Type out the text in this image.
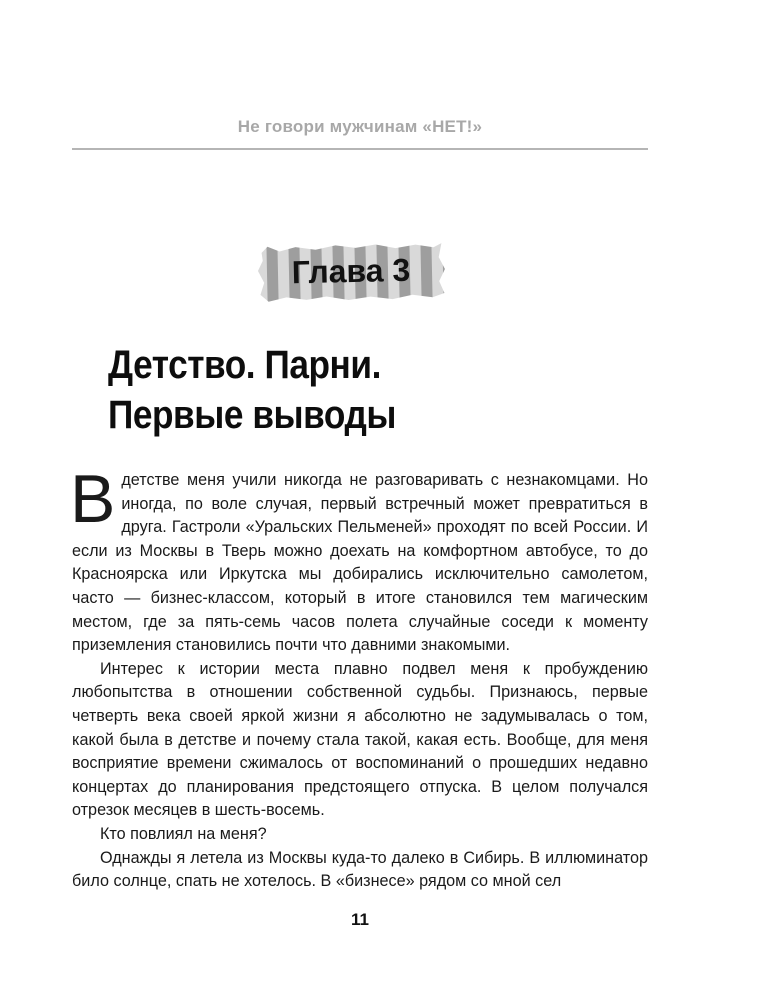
Не говори мужчинам «НЕТ!»
Глава 3
Детство. Парни.
Первые выводы

Вдетстве меня учили никогда не разговаривать с незнакомцами. Но иногда, по воле случая, первый встречный может превратиться в друга. Гастроли «Уральских Пельменей» проходят по всей России. И если из Москвы в Тверь можно доехать на комфортном автобусе, то до Красноярска или Иркутска мы добирались исключительно самолетом, часто — бизнес-классом, который в итоге становился тем магическим местом, где за пять-семь часов полета случайные соседи к моменту приземления становились почти что давними знакомыми.

Интерес к истории места плавно подвел меня к пробуждению любопытства в отношении собственной судьбы. Признаюсь, первые четверть века своей яркой жизни я абсолютно не задумывалась о том, какой была в детстве и почему стала такой, какая есть. Вообще, для меня восприятие времени сжималось от воспоминаний о прошедших недавно концертах до планирования предстоящего отпуска. В целом получался отрезок месяцев в шесть-восемь.

Кто повлиял на меня?

Однажды я летела из Москвы куда-то далеко в Сибирь. В иллюминатор било солнце, спать не хотелось. В «бизнесе» рядом со мной сел

11
